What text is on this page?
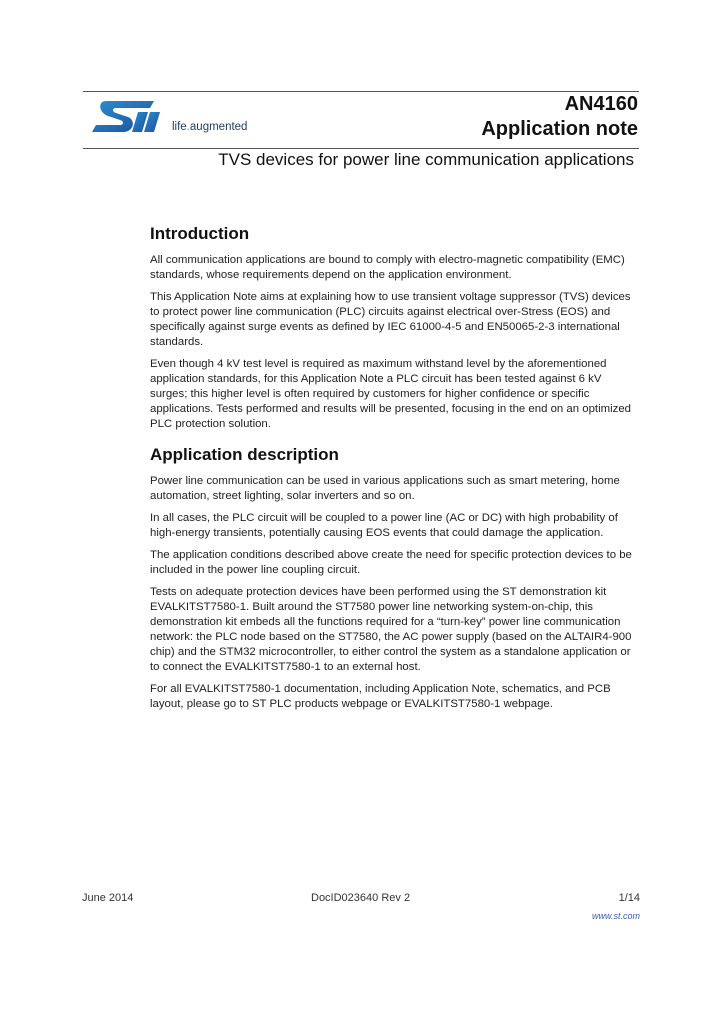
life.augmented
AN4160
Application note
TVS devices for power line communication applications
Introduction

All communication applications are bound to comply with electro-magnetic compatibility (EMC) standards, whose requirements depend on the application environment.

This Application Note aims at explaining how to use transient voltage suppressor (TVS) devices to protect power line communication (PLC) circuits against electrical over-Stress (EOS) and specifically against surge events as defined by IEC 61000-4-5 and EN50065-2-3 international standards.

Even though 4 kV test level is required as maximum withstand level by the aforementioned application standards, for this Application Note a PLC circuit has been tested against 6 kV surges; this higher level is often required by customers for higher confidence or specific applications. Tests performed and results will be presented, focusing in the end on an optimized PLC protection solution.

Application description

Power line communication can be used in various applications such as smart metering, home automation, street lighting, solar inverters and so on.

In all cases, the PLC circuit will be coupled to a power line (AC or DC) with high probability of high-energy transients, potentially causing EOS events that could damage the application.

The application conditions described above create the need for specific protection devices to be included in the power line coupling circuit.

Tests on adequate protection devices have been performed using the ST demonstration kit EVALKITST7580-1. Built around the ST7580 power line networking system-on-chip, this demonstration kit embeds all the functions required for a “turn-key” power line communication network: the PLC node based on the ST7580, the AC power supply (based on the ALTAIR4-900 chip) and the STM32 microcontroller, to either control the system as a standalone application or to connect the EVALKITST7580-1 to an external host.

For all EVALKITST7580-1 documentation, including Application Note, schematics, and PCB layout, please go to ST PLC products webpage or EVALKITST7580-1 webpage.

June 2014	DocID023640 Rev 2	1/14
www.st.com
